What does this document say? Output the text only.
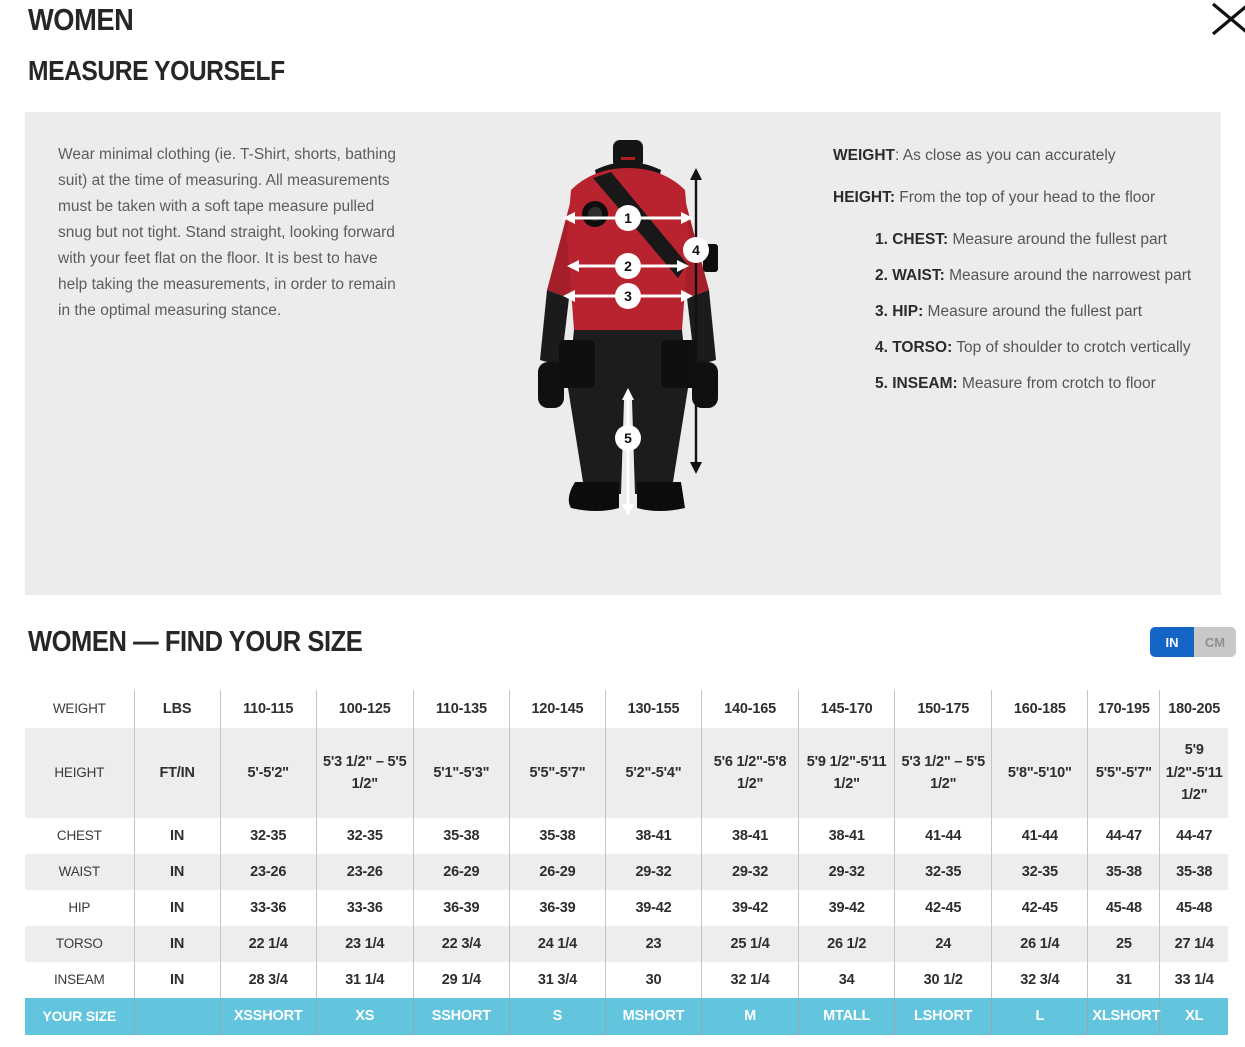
WOMEN
MEASURE YOURSELF

Wear minimal clothing (ie. T-Shirt, shorts, bathing suit) at the time of measuring. All measurements must be taken with a soft tape measure pulled snug but not tight. Stand straight, looking forward with your feet flat on the floor. It is best to have help taking the measurements, in order to remain in the optimal measuring stance.

1
2
3
4
5
WEIGHT: As close as you can accurately
HEIGHT: From the top of your head to the floor
1. CHEST: Measure around the fullest part
2. WAIST: Measure around the narrowest part
3. HIP: Measure around the fullest part
4. TORSO: Top of shoulder to crotch vertically
5. INSEAM: Measure from crotch to floor
WOMEN — FIND YOUR SIZE	IN	CM
WEIGHT	LBS	110-115	100-125	110-135	120-145	130-155	140-165	145-170	150-175	160-185	170-195	180-205
HEIGHT	FT/IN	5'-5'2"	5'3 1/2" – 5'5 1/2"	5'1"-5'3"	5'5"-5'7"	5'2"-5'4"	5'6 1/2"-5'8 1/2"	5'9 1/2"-5'11 1/2"	5'3 1/2" – 5'5 1/2"	5'8"-5'10"	5'5"-5'7"	5'9 1/2"-5'11 1/2"
CHEST	IN	32-35	32-35	35-38	35-38	38-41	38-41	38-41	41-44	41-44	44-47	44-47
WAIST	IN	23-26	23-26	26-29	26-29	29-32	29-32	29-32	32-35	32-35	35-38	35-38
HIP	IN	33-36	33-36	36-39	36-39	39-42	39-42	39-42	42-45	42-45	45-48	45-48
TORSO	IN	22 1/4	23 1/4	22 3/4	24 1/4	23	25 1/4	26 1/2	24	26 1/4	25	27 1/4
INSEAM	IN	28 3/4	31 1/4	29 1/4	31 3/4	30	32 1/4	34	30 1/2	32 3/4	31	33 1/4
YOUR SIZE		XSSHORT	XS	SSHORT	S	MSHORT	M	MTALL	LSHORT	L	XLSHORT	XL
